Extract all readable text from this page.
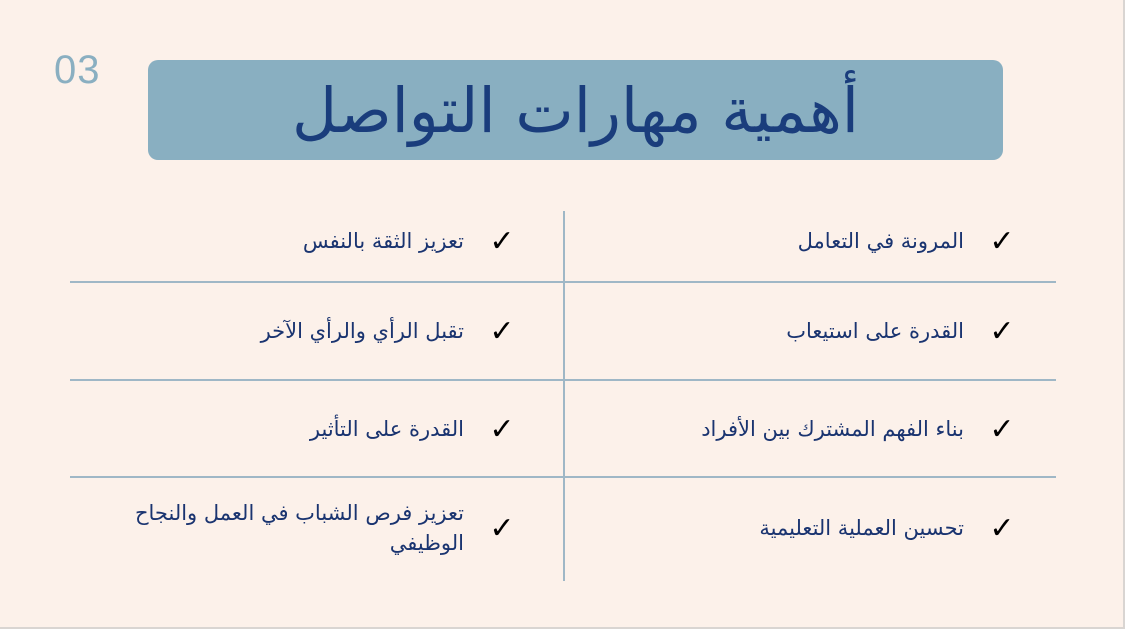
03
أهمية مهارات التواصل
المرونة في التعامل ✓
تعزيز الثقة بالنفس ✓
القدرة على استيعاب ✓
تقبل الرأي والرأي الآخر ✓
بناء الفهم المشترك بين الأفراد ✓
القدرة على التأثير ✓
تحسين العملية التعليمية ✓
تعزيز فرص الشباب في العمل والنجاح الوظيفي ✓
